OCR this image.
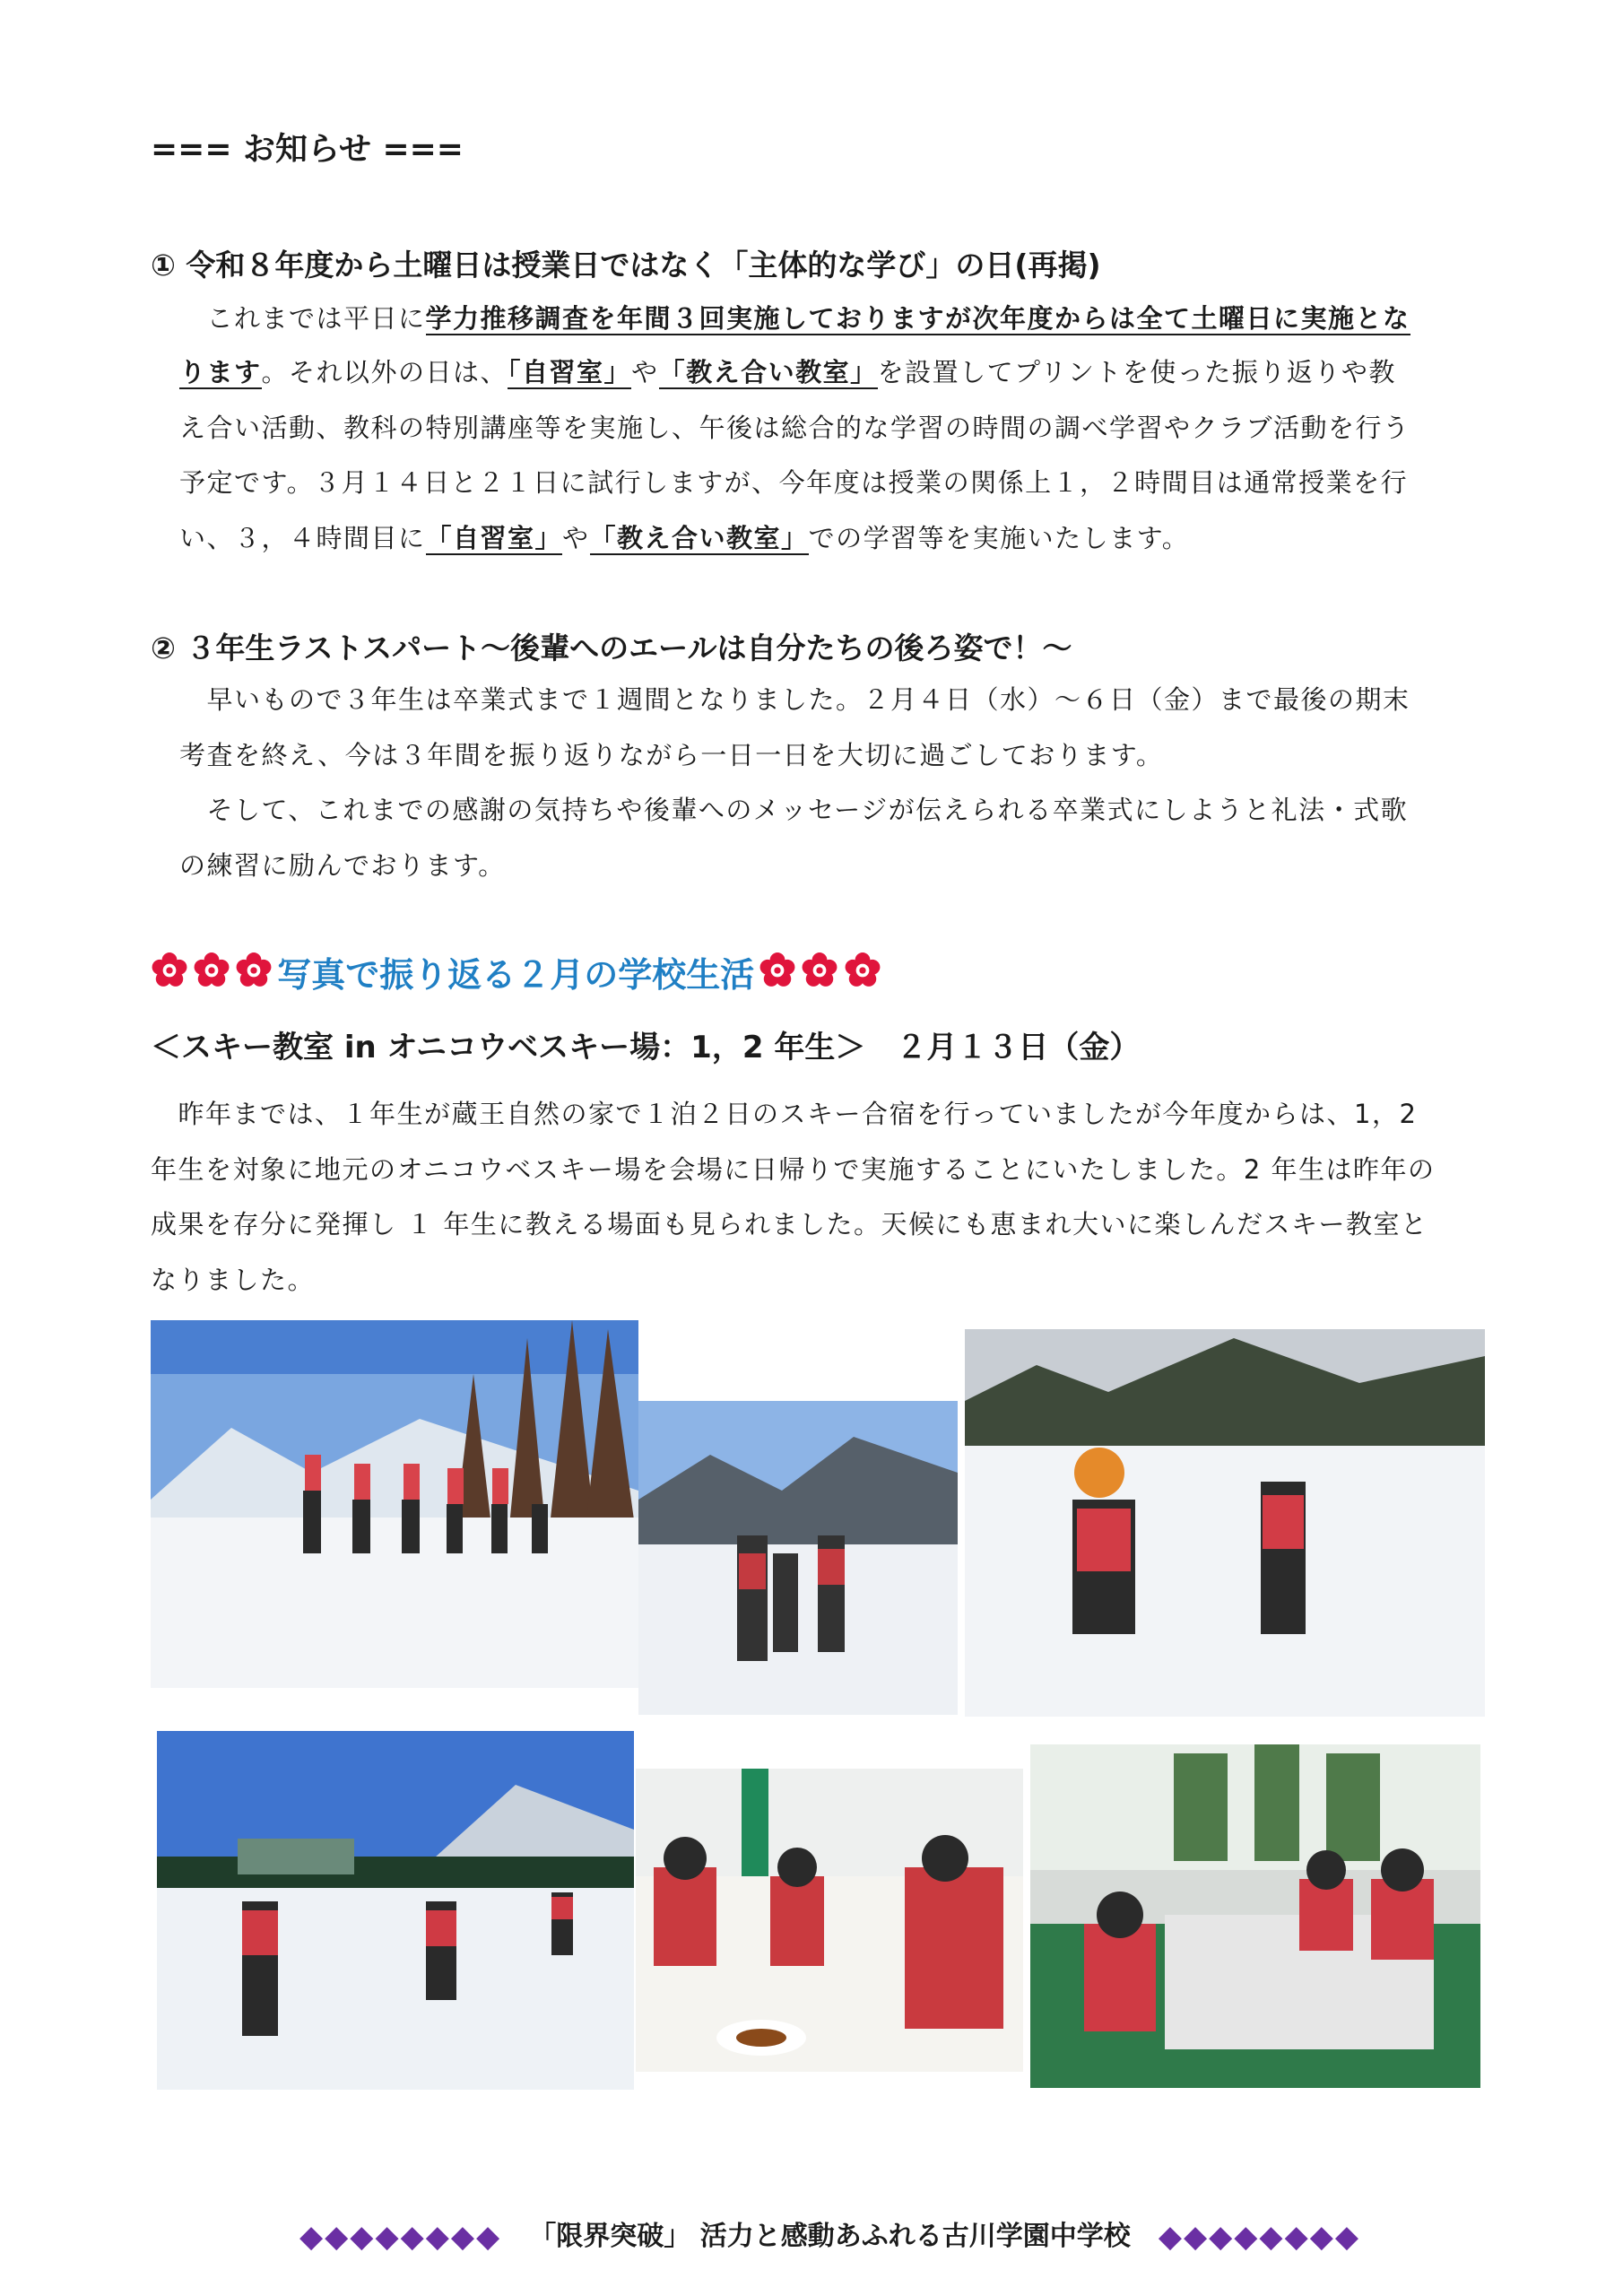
=== お知らせ ===
① 令和８年度から土曜日は授業日ではなく「主体的な学び」の日(再掲)
　これまでは平日に学力推移調査を年間３回実施しておりますが次年度からは全て土曜日に実施とな
ります。それ以外の日は、「自習室」や「教え合い教室」を設置してプリントを使った振り返りや教
え合い活動、教科の特別講座等を実施し、午後は総合的な学習の時間の調べ学習やクラブ活動を行う
予定です。３月１４日と２１日に試行しますが、今年度は授業の関係上１，２時間目は通常授業を行
い、３，４時間目に「自習室」や「教え合い教室」での学習等を実施いたします。
② ３年生ラストスパート～後輩へのエールは自分たちの後ろ姿で！～
　早いもので３年生は卒業式まで１週間となりました。２月４日（水）～６日（金）まで最後の期末
考査を終え、今は３年間を振り返りながら一日一日を大切に過ごしております。
　そして、これまでの感謝の気持ちや後輩へのメッセージが伝えられる卒業式にしようと礼法・式歌
の練習に励んでおります。
写真で振り返る２月の学校生活
＜スキー教室 in オニコウベスキー場：1，2 年生＞　２月１３日（金）
　昨年までは、１年生が蔵王自然の家で１泊２日のスキー合宿を行っていましたが今年度からは、1，2
年生を対象に地元のオニコウベスキー場を会場に日帰りで実施することにいたしました。2 年生は昨年の
成果を存分に発揮し １ 年生に教える場面も見られました。天候にも恵まれ大いに楽しんだスキー教室と
なりました。
◆◆◆◆◆◆◆◆ 「限界突破」 活力と感動あふれる古川学園中学校 ◆◆◆◆◆◆◆◆
